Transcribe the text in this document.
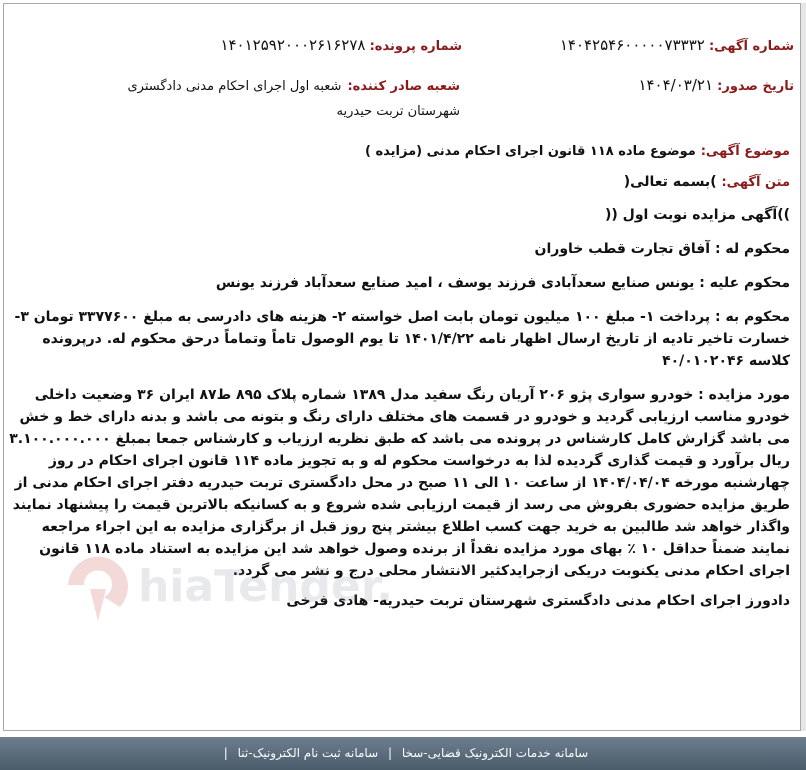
شماره آگهی: ۱۴۰۴۲۵۴۶۰۰۰۰۰۷۳۳۳۲
شماره پرونده: ۱۴۰۱۲۵۹۲۰۰۰۲۶۱۶۲۷۸
تاریخ صدور: ۱۴۰۴/۰۳/۲۱
شعبه صادر کننده:شعبه اول اجرای احکام مدنی دادگستری شهرستان تربت حیدریه

موضوع آگهی: موضوع ماده ۱۱۸ قانون اجرای احکام مدنی (مزایده )

متن آگهی: )بسمه تعالی(

))آگهی مزایده نوبت اول ((

محکوم له : آفاق تجارت قطب خاوران

محکوم علیه : یونس صنایع سعدآبادی فرزند یوسف ، امید صنایع سعدآباد فرزند یونس

محکوم به : پرداخت ۱- مبلغ ۱۰۰ میلیون تومان بابت اصل خواسته ۲- هزینه های دادرسی به مبلغ ۳۳۷۷۶۰۰ تومان ۳- خسارت تاخیر تادیه از تاریخ ارسال اظهار نامه ۱۴۰۱/۴/۲۲ تا یوم الوصول تاماً وتماماً درحق محکوم له. درپرونده کلاسه ۴۰/۰۱۰۲۰۴۶

مورد مزایده : خودرو سواری پژو ۲۰۶ آریان رنگ سفید مدل ۱۳۸۹ شماره پلاک ۸۹۵ ط۸۷ ایران ۳۶ وضعیت داخلی خودرو مناسب ارزیابی گردید و خودرو در قسمت های مختلف دارای رنگ و بتونه می باشد و بدنه دارای خط و خش می باشد گزارش کامل کارشناس در پرونده می باشد که طبق نظریه ارزیاب و کارشناس جمعا بمبلغ ۳.۱۰۰.۰۰۰.۰۰۰ ریال برآورد و قیمت گذاری گردیده لذا به درخواست محکوم له و به تجویز ماده ۱۱۴ قانون اجرای احکام در روز چهارشنبه مورخه ۱۴۰۴/۰۴/۰۴ از ساعت ۱۰ الی ۱۱ صبح در محل دادگستری تربت حیدریه دفتر اجرای احکام مدنی از طریق مزایده حضوری بفروش می رسد از قیمت ارزیابی شده شروع و به کسانیکه بالاترین قیمت را پیشنهاد نمایند واگذار خواهد شد طالبین به خرید جهت کسب اطلاع بیشتر پنج روز قبل از برگزاری مزایده به این اجراء مراجعه نمایند ضمناً حداقل ۱۰ ٪ بهای مورد مزایده نقداً از برنده وصول خواهد شد این مزایده به استناد ماده ۱۱۸ قانون اجرای احکام مدنی یکنوبت دریکی ازجرایدکثیر الانتشار محلی درج و نشر می گردد.

دادورز اجرای احکام مدنی دادگستری شهرستان تربت حیدریه- هادی فرخی

hiaTender
سامانه خدمات الکترونیک قضایی-سخا | سامانه ثبت نام الکترونیک-ثنا |
